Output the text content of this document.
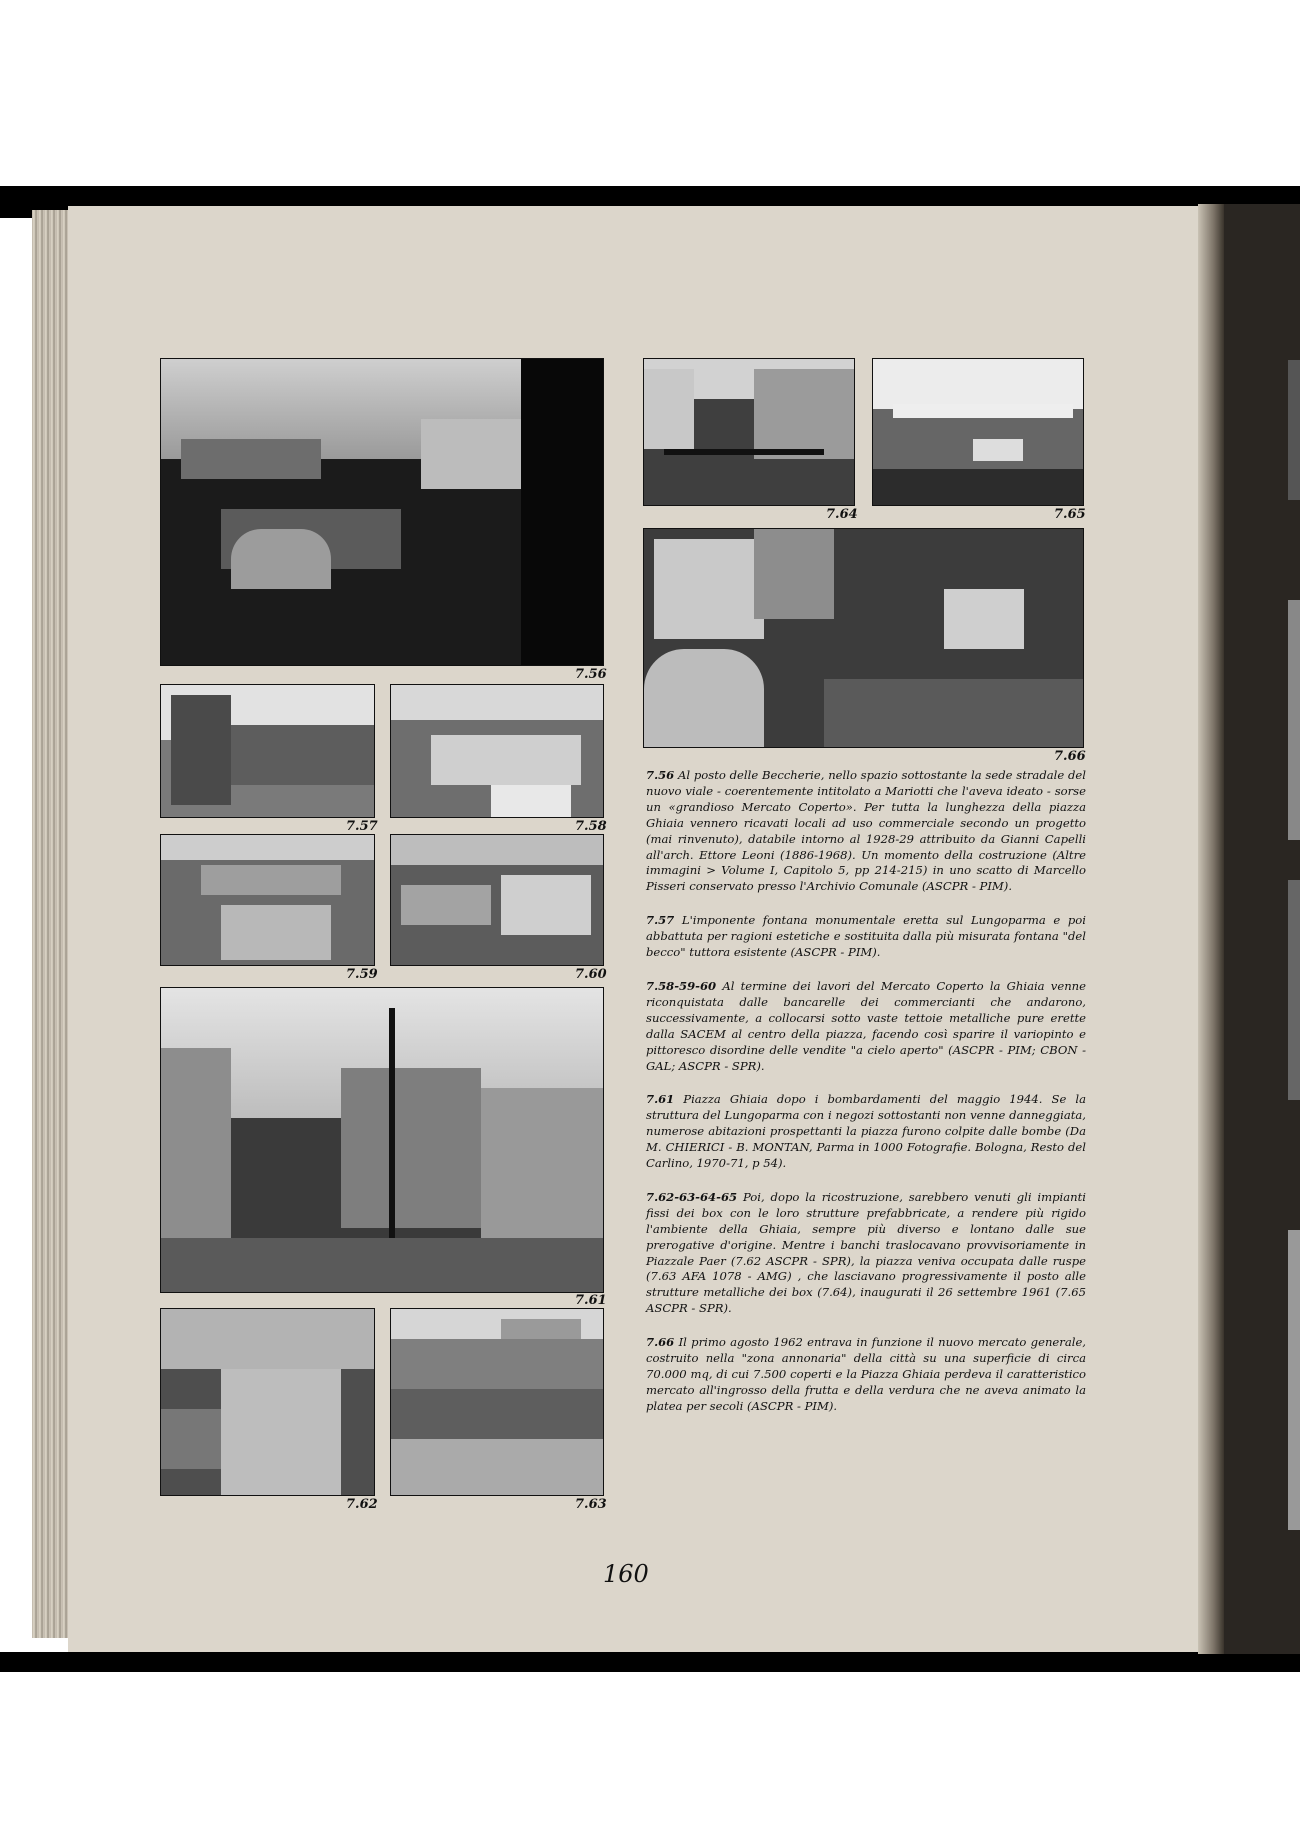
7.56
7.57	7.58
7.59	7.60
7.61
7.62	7.63
7.64	7.65
7.66

7.56 Al posto delle Beccherie, nello spazio sottostante la sede stradale del nuovo viale - coerentemente intitolato a Mariotti che l'aveva ideato - sorse un «grandioso Mercato Coperto». Per tutta la lunghezza della piazza Ghiaia vennero ricavati locali ad uso commerciale secondo un progetto (mai rinvenuto), databile intorno al 1928-29 attribuito da Gianni Capelli all'arch. Ettore Leoni (1886-1968). Un momento della costruzione (Altre immagini > Volume I, Capitolo 5, pp 214-215) in uno scatto di Marcello Pisseri conservato presso l'Archivio Comunale (ASCPR - PIM).

7.57 L'imponente fontana monumentale eretta sul Lungoparma e poi abbattuta per ragioni estetiche e sostituita dalla più misurata fontana "del becco" tuttora esistente (ASCPR - PIM).

7.58-59-60 Al termine dei lavori del Mercato Coperto la Ghiaia venne riconquistata dalle bancarelle dei commercianti che andarono, successivamente, a collocarsi sotto vaste tettoie metalliche pure erette dalla SACEM al centro della piazza, facendo così sparire il variopinto e pittoresco disordine delle vendite "a cielo aperto" (ASCPR - PIM; CBON - GAL; ASCPR - SPR).

7.61 Piazza Ghiaia dopo i bombardamenti del maggio 1944. Se la struttura del Lungoparma con i negozi sottostanti non venne danneggiata, numerose abitazioni prospettanti la piazza furono colpite dalle bombe (Da M. CHIERICI - B. MONTAN, Parma in 1000 Fotografie. Bologna, Resto del Carlino, 1970-71, p 54).

7.62-63-64-65 Poi, dopo la ricostruzione, sarebbero venuti gli impianti fissi dei box con le loro strutture prefabbricate, a rendere più rigido l'ambiente della Ghiaia, sempre più diverso e lontano dalle sue prerogative d'origine. Mentre i banchi traslocavano provvisoriamente in Piazzale Paer (7.62 ASCPR - SPR), la piazza veniva occupata dalle ruspe (7.63 AFA 1078 - AMG) , che lasciavano progressivamente il posto alle strutture metalliche dei box (7.64), inaugurati il 26 settembre 1961 (7.65 ASCPR - SPR).

7.66 Il primo agosto 1962 entrava in funzione il nuovo mercato generale, costruito nella "zona annonaria" della città su una superficie di circa 70.000 mq, di cui 7.500 coperti e la Piazza Ghiaia perdeva il caratteristico mercato all'ingrosso della frutta e della verdura che ne aveva animato la platea per secoli (ASCPR - PIM).

160
